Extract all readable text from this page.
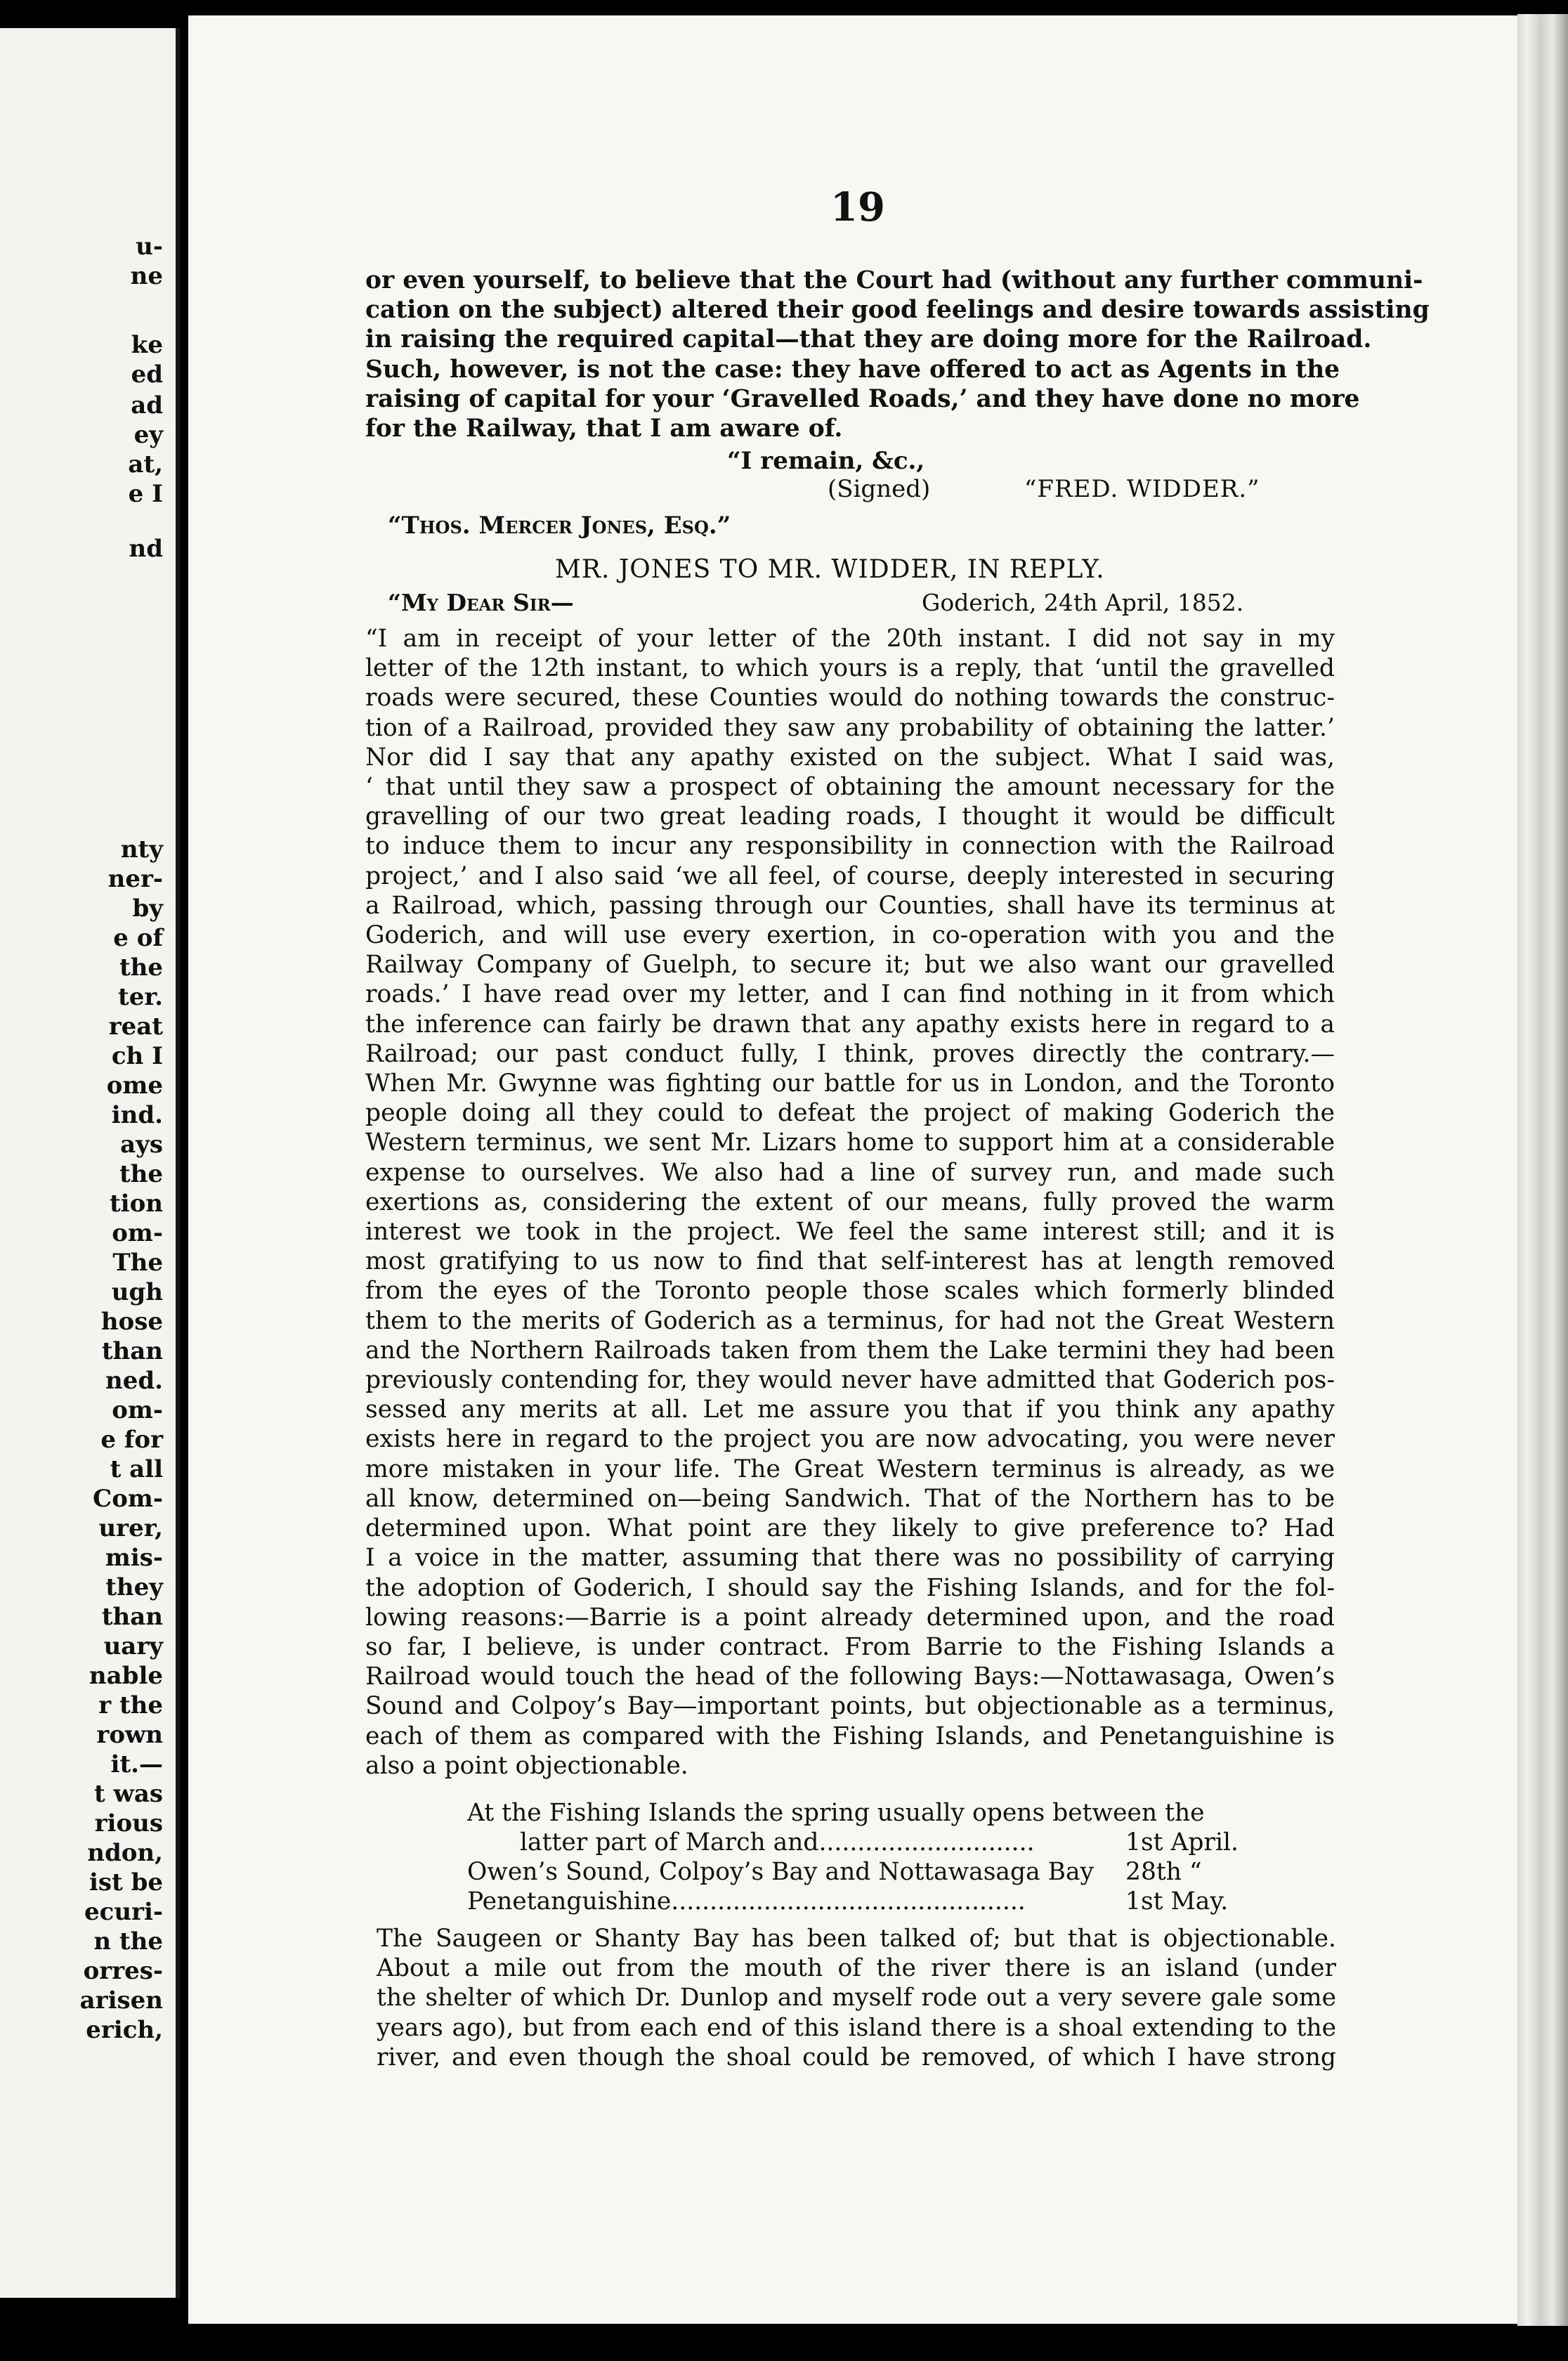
u-
ne
ke
ed
ad
ey
at,
e I
nd
nty
ner-
by
e of
the
ter.
reat
ch I
ome
ind.
ays
the
tion
om-
The
ugh
hose
than
ned.
om-
e for
t all
Com-
urer,
mis-
they
than
uary
nable
r the
rown
it.—
t was
rious
ndon,
ist be
ecuri-
n the
orres-
arisen
erich,
19
or even yourself, to believe that the Court had (without any further communi-
cation on the subject) altered their good feelings and desire towards assisting
in raising the required capital—that they are doing more for the Railroad.
Such, however, is not the case: they have offered to act as Agents in the
raising of capital for your ‘Gravelled Roads,’ and they have done no more
for the Railway, that I am aware of.
“I remain, &c.,
(Signed)	“FRED. WIDDER.”
“Thos. Mercer Jones, Esq.”
MR. JONES TO MR. WIDDER, IN REPLY.
“My Dear Sir—	Goderich, 24th April, 1852.
“I am in receipt of your letter of the 20th instant. I did not say in my
letter of the 12th instant, to which yours is a reply, that ‘until the gravelled
roads were secured, these Counties would do nothing towards the construc-
tion of a Railroad, provided they saw any probability of obtaining the latter.’
Nor did I say that any apathy existed on the subject. What I said was,
‘ that until they saw a prospect of obtaining the amount necessary for the
gravelling of our two great leading roads, I thought it would be difficult
to induce them to incur any responsibility in connection with the Railroad
project,’ and I also said ‘we all feel, of course, deeply interested in securing
a Railroad, which, passing through our Counties, shall have its terminus at
Goderich, and will use every exertion, in co-operation with you and the
Railway Company of Guelph, to secure it; but we also want our gravelled
roads.’ I have read over my letter, and I can find nothing in it from which
the inference can fairly be drawn that any apathy exists here in regard to a
Railroad; our past conduct fully, I think, proves directly the contrary.—
When Mr. Gwynne was fighting our battle for us in London, and the Toronto
people doing all they could to defeat the project of making Goderich the
Western terminus, we sent Mr. Lizars home to support him at a considerable
expense to ourselves. We also had a line of survey run, and made such
exertions as, considering the extent of our means, fully proved the warm
interest we took in the project. We feel the same interest still; and it is
most gratifying to us now to find that self-interest has at length removed
from the eyes of the Toronto people those scales which formerly blinded
them to the merits of Goderich as a terminus, for had not the Great Western
and the Northern Railroads taken from them the Lake termini they had been
previously contending for, they would never have admitted that Goderich pos-
sessed any merits at all. Let me assure you that if you think any apathy
exists here in regard to the project you are now advocating, you were never
more mistaken in your life. The Great Western terminus is already, as we
all know, determined on—being Sandwich. That of the Northern has to be
determined upon. What point are they likely to give preference to? Had
I a voice in the matter, assuming that there was no possibility of carrying
the adoption of Goderich, I should say the Fishing Islands, and for the fol-
lowing reasons:—Barrie is a point already determined upon, and the road
so far, I believe, is under contract. From Barrie to the Fishing Islands a
Railroad would touch the head of the following Bays:—Nottawasaga, Owen’s
Sound and Colpoy’s Bay—important points, but objectionable as a terminus,
each of them as compared with the Fishing Islands, and Penetanguishine is
also a point objectionable.
At the Fishing Islands the spring usually opens between the
latter part of March and............................	1st April.
Owen’s Sound, Colpoy’s Bay and Nottawasaga Bay 28th “
Penetanguishine..............................................	1st May.
The Saugeen or Shanty Bay has been talked of; but that is objectionable.
About a mile out from the mouth of the river there is an island (under
the shelter of which Dr. Dunlop and myself rode out a very severe gale some
years ago), but from each end of this island there is a shoal extending to the
river, and even though the shoal could be removed, of which I have strong
